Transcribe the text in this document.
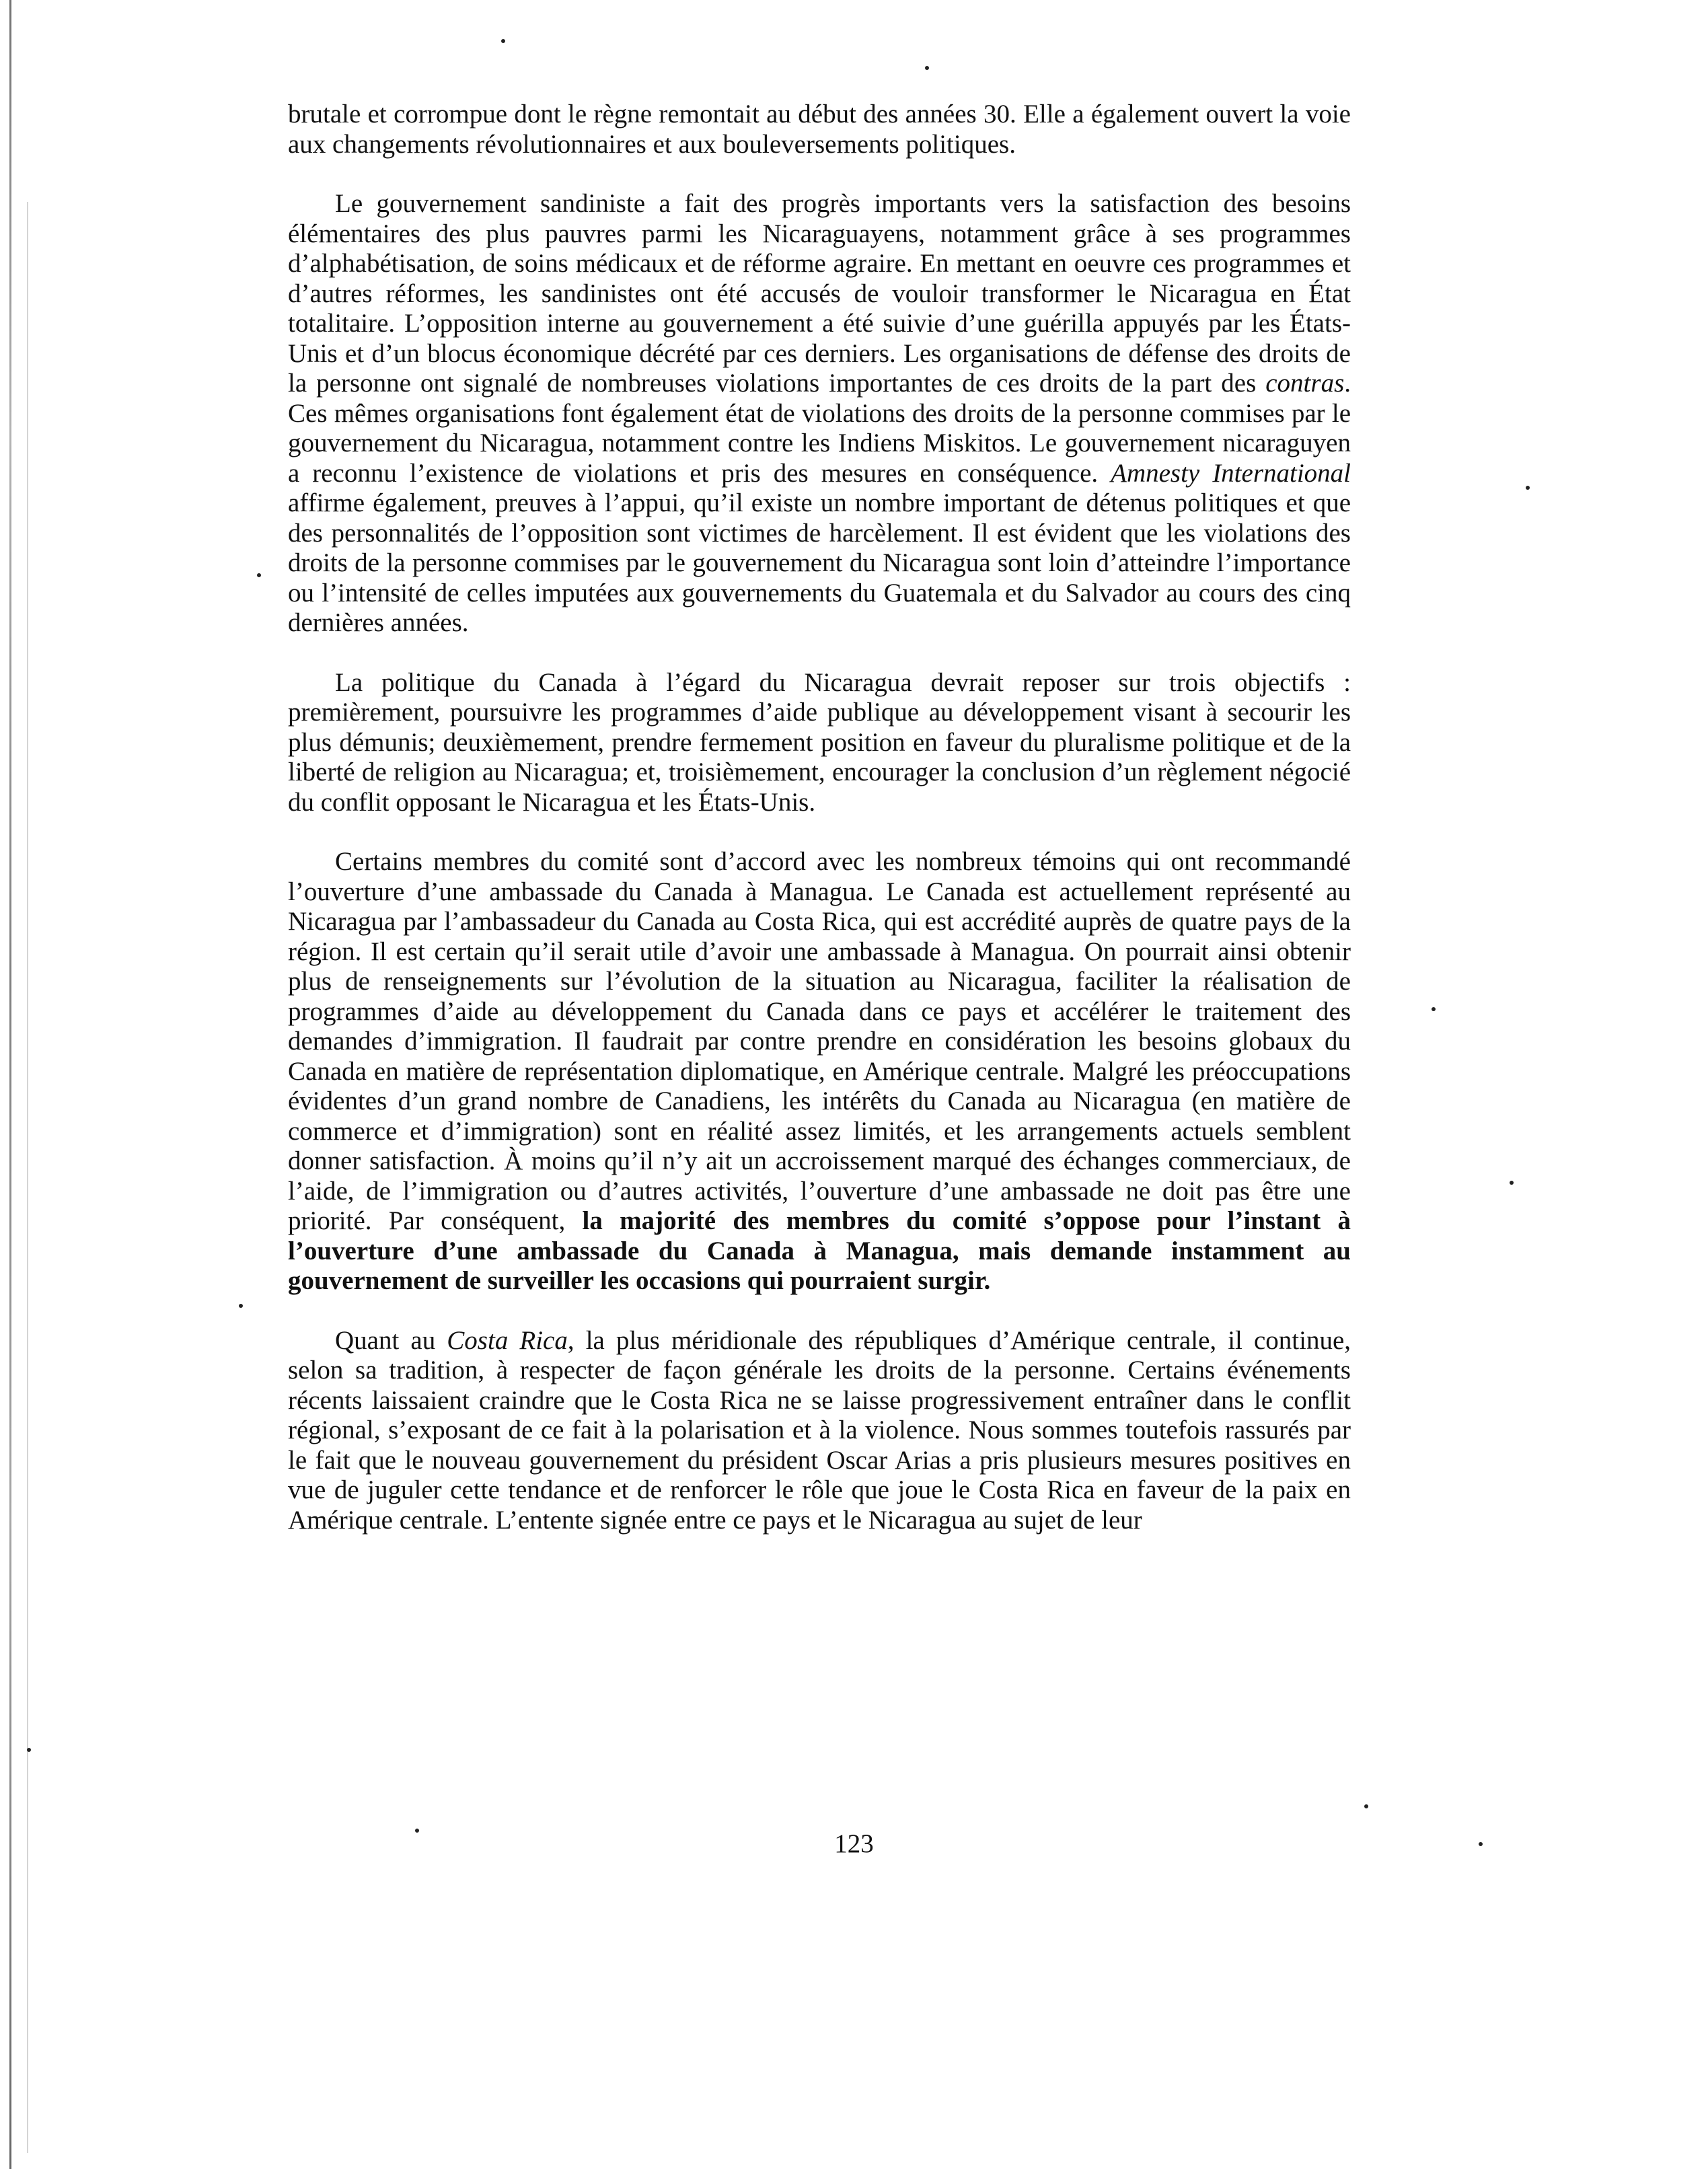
brutale et corrompue dont le règne remontait au début des années 30. Elle a également ouvert la voie aux changements révolutionnaires et aux bouleversements politiques.

Le gouvernement sandiniste a fait des progrès importants vers la satisfaction des besoins élémentaires des plus pauvres parmi les Nicaraguayens, notamment grâce à ses programmes d’alphabétisation, de soins médicaux et de réforme agraire. En mettant en oeuvre ces programmes et d’autres réformes, les sandinistes ont été accusés de vouloir transformer le Nicaragua en État totalitaire. L’opposition interne au gouvernement a été suivie d’une guérilla appuyés par les États-Unis et d’un blocus économique décrété par ces derniers. Les organisations de défense des droits de la personne ont signalé de nombreuses violations importantes de ces droits de la part des contras. Ces mêmes organisations font également état de violations des droits de la personne commises par le gouvernement du Nicaragua, notamment contre les Indiens Miskitos. Le gouvernement nicaraguyen a reconnu l’existence de violations et pris des mesures en conséquence. Amnesty International affirme également, preuves à l’appui, qu’il existe un nombre important de détenus politiques et que des personnalités de l’opposition sont victimes de harcèlement. Il est évident que les violations des droits de la personne commises par le gouvernement du Nicaragua sont loin d’atteindre l’importance ou l’intensité de celles imputées aux gouvernements du Guatemala et du Salvador au cours des cinq dernières années.

La politique du Canada à l’égard du Nicaragua devrait reposer sur trois objectifs : premièrement, poursuivre les programmes d’aide publique au développement visant à secourir les plus démunis; deuxièmement, prendre fermement position en faveur du pluralisme politique et de la liberté de religion au Nicaragua; et, troisièmement, encourager la conclusion d’un règlement négocié du conflit opposant le Nicaragua et les États-Unis.

Certains membres du comité sont d’accord avec les nombreux témoins qui ont recommandé l’ouverture d’une ambassade du Canada à Managua. Le Canada est actuellement représenté au Nicaragua par l’ambassadeur du Canada au Costa Rica, qui est accrédité auprès de quatre pays de la région. Il est certain qu’il serait utile d’avoir une ambassade à Managua. On pourrait ainsi obtenir plus de renseignements sur l’évolution de la situation au Nicaragua, faciliter la réalisation de programmes d’aide au développement du Canada dans ce pays et accélérer le traitement des demandes d’immigration. Il faudrait par contre prendre en considération les besoins globaux du Canada en matière de représentation diplomatique, en Amérique centrale. Malgré les préoccupations évidentes d’un grand nombre de Canadiens, les intérêts du Canada au Nicaragua (en matière de commerce et d’immigration) sont en réalité assez limités, et les arrangements actuels semblent donner satisfaction. À moins qu’il n’y ait un accroissement marqué des échanges commerciaux, de l’aide, de l’immigration ou d’autres activités, l’ouverture d’une ambassade ne doit pas être une priorité. Par conséquent, la majorité des membres du comité s’oppose pour l’instant à l’ouverture d’une ambassade du Canada à Managua, mais demande instamment au gouvernement de surveiller les occasions qui pourraient surgir.

Quant au Costa Rica, la plus méridionale des républiques d’Amérique centrale, il continue, selon sa tradition, à respecter de façon générale les droits de la personne. Certains événements récents laissaient craindre que le Costa Rica ne se laisse progressivement entraîner dans le conflit régional, s’exposant de ce fait à la polarisation et à la violence. Nous sommes toutefois rassurés par le fait que le nouveau gouvernement du président Oscar Arias a pris plusieurs mesures positives en vue de juguler cette tendance et de renforcer le rôle que joue le Costa Rica en faveur de la paix en Amérique centrale. L’entente signée entre ce pays et le Nicaragua au sujet de leur

123
